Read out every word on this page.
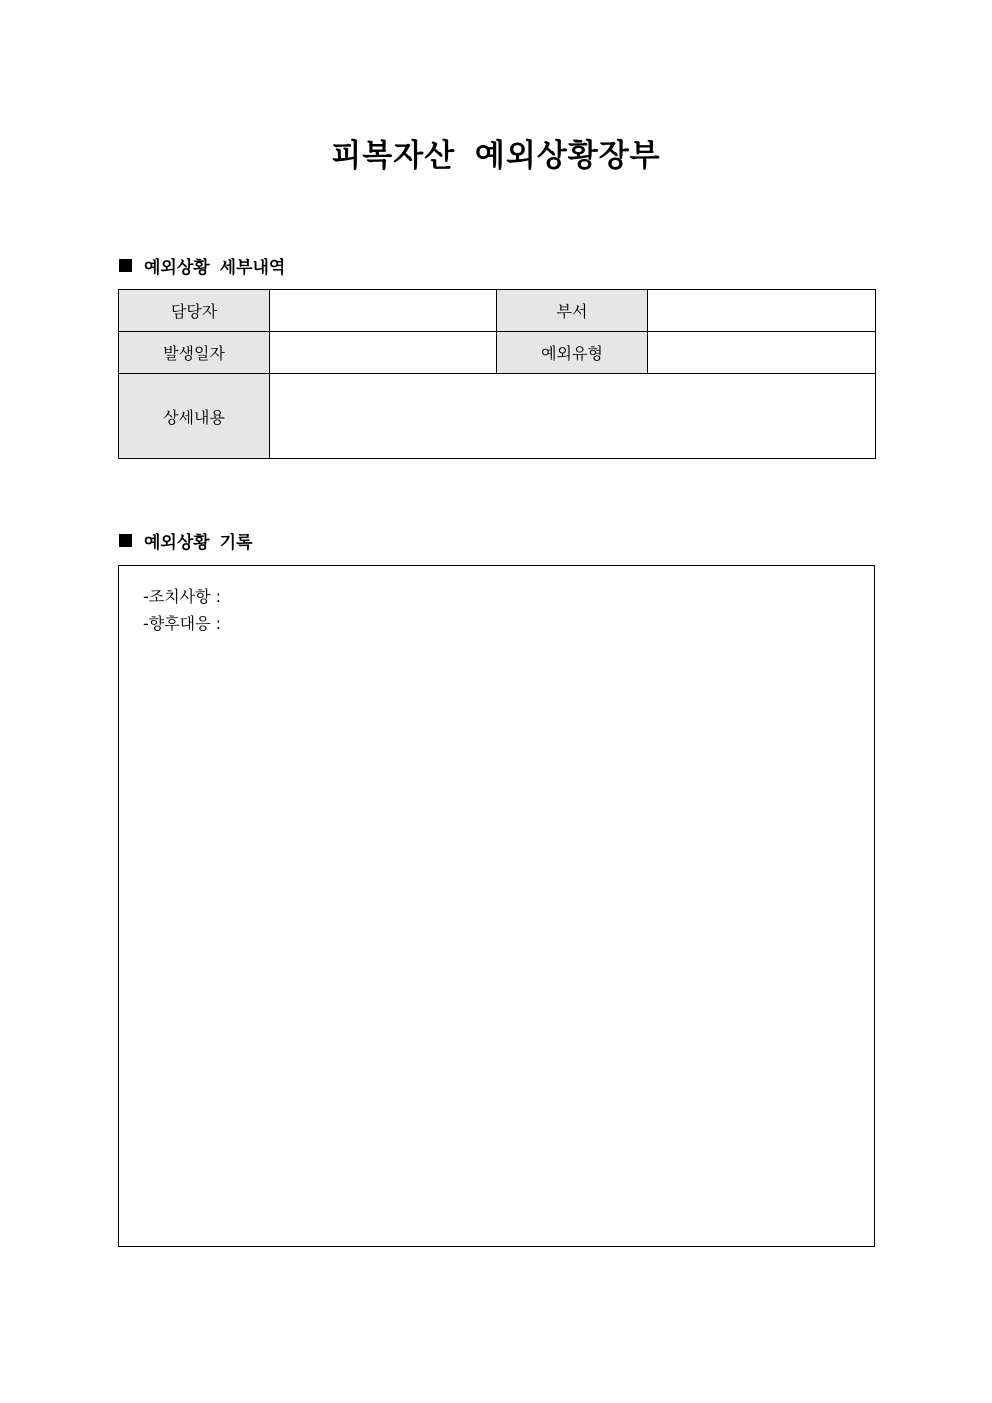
피복자산 예외상황장부
예외상황 세부내역
담당자		부서	
발생일자		예외유형	
상세내용			
예외상황 기록
-조치사항 :
-향후대응 :
